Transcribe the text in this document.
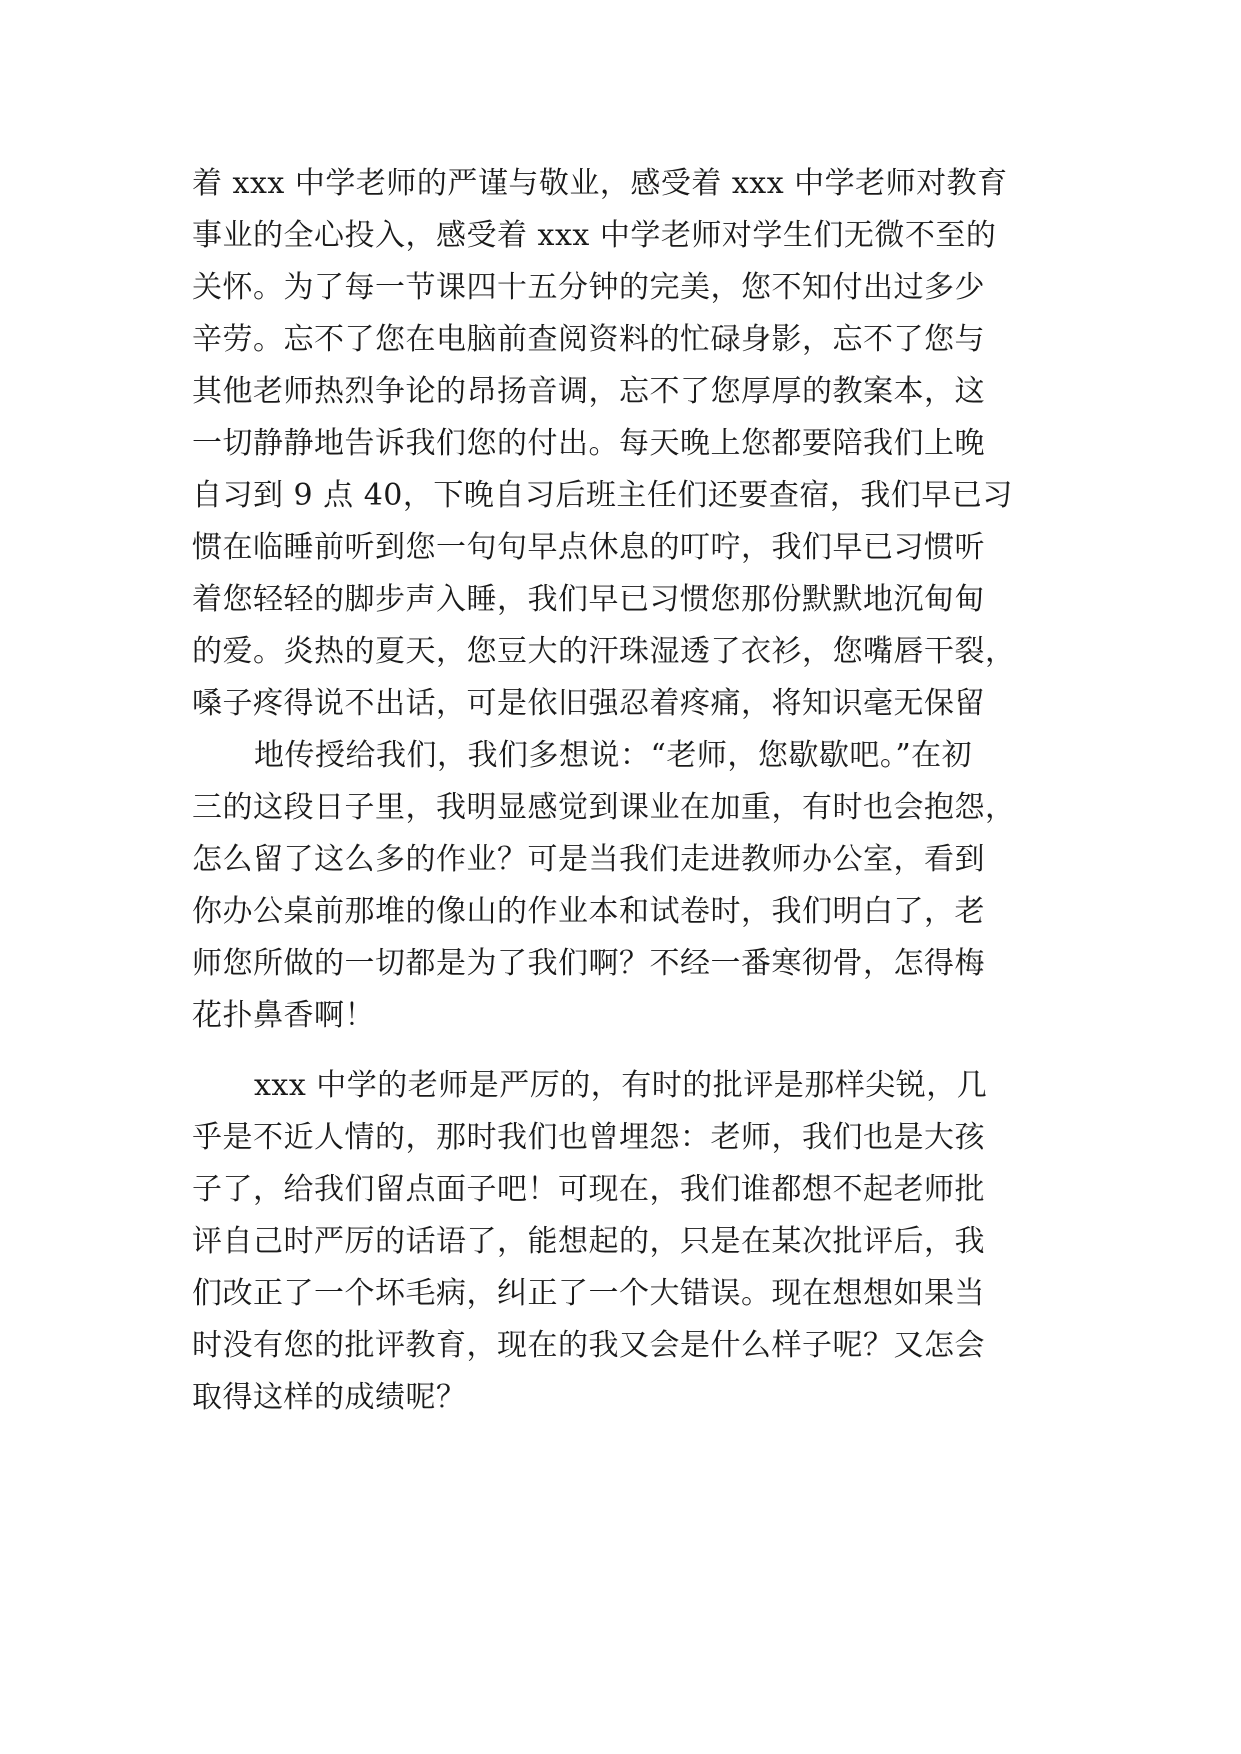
着 xxx 中学老师的严谨与敬业，感受着 xxx 中学老师对教育
事业的全心投入，感受着 xxx 中学老师对学生们无微不至的
关怀。为了每一节课四十五分钟的完美，您不知付出过多少
辛劳。忘不了您在电脑前查阅资料的忙碌身影，忘不了您与
其他老师热烈争论的昂扬音调，忘不了您厚厚的教案本，这
一切静静地告诉我们您的付出。每天晚上您都要陪我们上晚
自习到 9 点 40，下晚自习后班主任们还要查宿，我们早已习
惯在临睡前听到您一句句早点休息的叮咛，我们早已习惯听
着您轻轻的脚步声入睡，我们早已习惯您那份默默地沉甸甸
的爱。炎热的夏天，您豆大的汗珠湿透了衣衫，您嘴唇干裂，
嗓子疼得说不出话，可是依旧强忍着疼痛，将知识毫无保留
地传授给我们，我们多想说：“老师，您歇歇吧。”在初
三的这段日子里，我明显感觉到课业在加重，有时也会抱怨，
怎么留了这么多的作业？可是当我们走进教师办公室，看到
你办公桌前那堆的像山的作业本和试卷时，我们明白了，老
师您所做的一切都是为了我们啊？不经一番寒彻骨，怎得梅
花扑鼻香啊！
xxx 中学的老师是严厉的，有时的批评是那样尖锐，几
乎是不近人情的，那时我们也曾埋怨：老师，我们也是大孩
子了，给我们留点面子吧！可现在，我们谁都想不起老师批
评自己时严厉的话语了，能想起的，只是在某次批评后，我
们改正了一个坏毛病，纠正了一个大错误。现在想想如果当
时没有您的批评教育，现在的我又会是什么样子呢？又怎会
取得这样的成绩呢？
